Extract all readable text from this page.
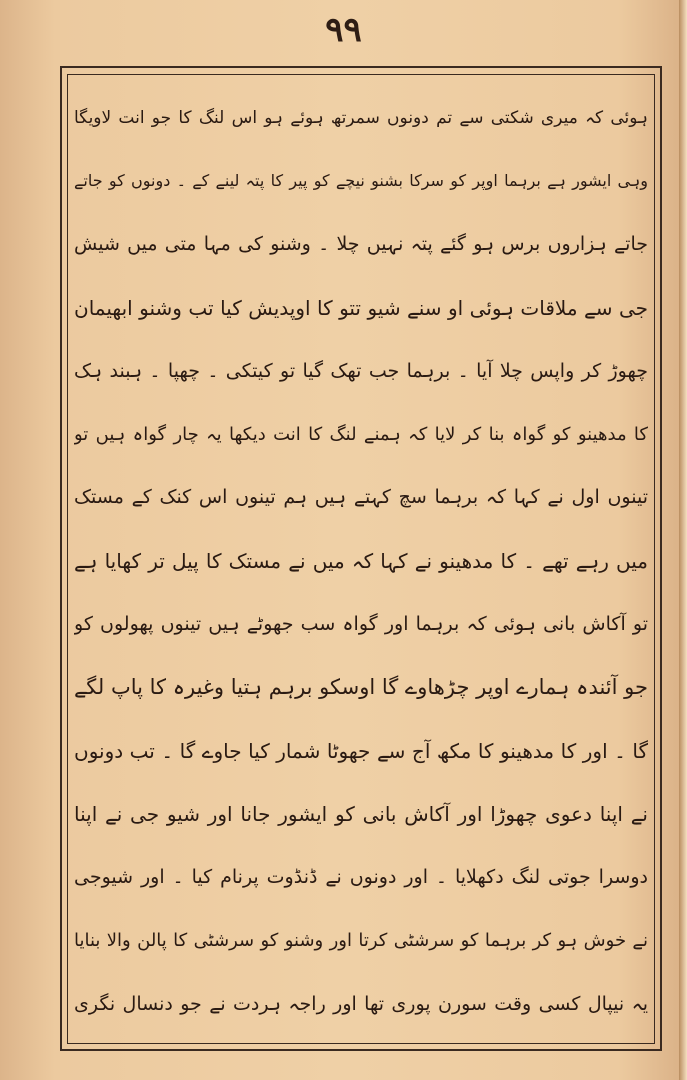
۹۹
ہوئی کہ میری شکتی سے تم دونوں سمرتھ ہوئے ہو اس لنگ کا جو انت لاویگا
وہی ایشور ہے برہما اوپر کو سرکا بشنو نیچے کو پیر کا پتہ لینے کے ۔ دونوں کو جاتے
جاتے ہزاروں برس ہو گئے پتہ نہیں چلا ۔ وشنو کی مہا متی میں شیش
جی سے ملاقات ہوئی او سنے شیو تتو کا اوپدیش کیا تب وشنو ابھیمان
چھوڑ کر واپس چلا آیا ۔ برہما جب تھک گیا تو کیتکی ۔ چھپا ۔ ہبند ہک
کا مدھینو کو گواہ بنا کر لایا کہ ہمنے لنگ کا انت دیکھا یہ چار گواہ ہیں تو
تینوں اول نے کہا کہ برہما سچ کہتے ہیں ہم تینوں اس کنک کے مستک
میں رہے تھے ۔ کا مدھینو نے کہا کہ میں نے مستک کا پیل تر کھایا ہے
تو آکاش بانی ہوئی کہ برہما اور گواہ سب جھوٹے ہیں تینوں پھولوں کو
جو آئندہ ہمارے اوپر چڑھاوے گا اوسکو برہم ہتیا وغیرہ کا پاپ لگے
گا ۔ اور کا مدھینو کا مکھ آج سے جھوٹا شمار کیا جاوے گا ۔ تب دونوں
نے اپنا دعوی چھوڑا اور آکاش بانی کو ایشور جانا اور شیو جی نے اپنا
دوسرا جوتی لنگ دکھلایا ۔ اور دونوں نے ڈنڈوت پرنام کیا ۔ اور شیوجی
نے خوش ہو کر برہما کو سرشٹی کرتا اور وشنو کو سرشٹی کا پالن والا بنایا
یہ نیپال کسی وقت سورن پوری تھا اور راجہ ہردت نے جو دنسال نگری
